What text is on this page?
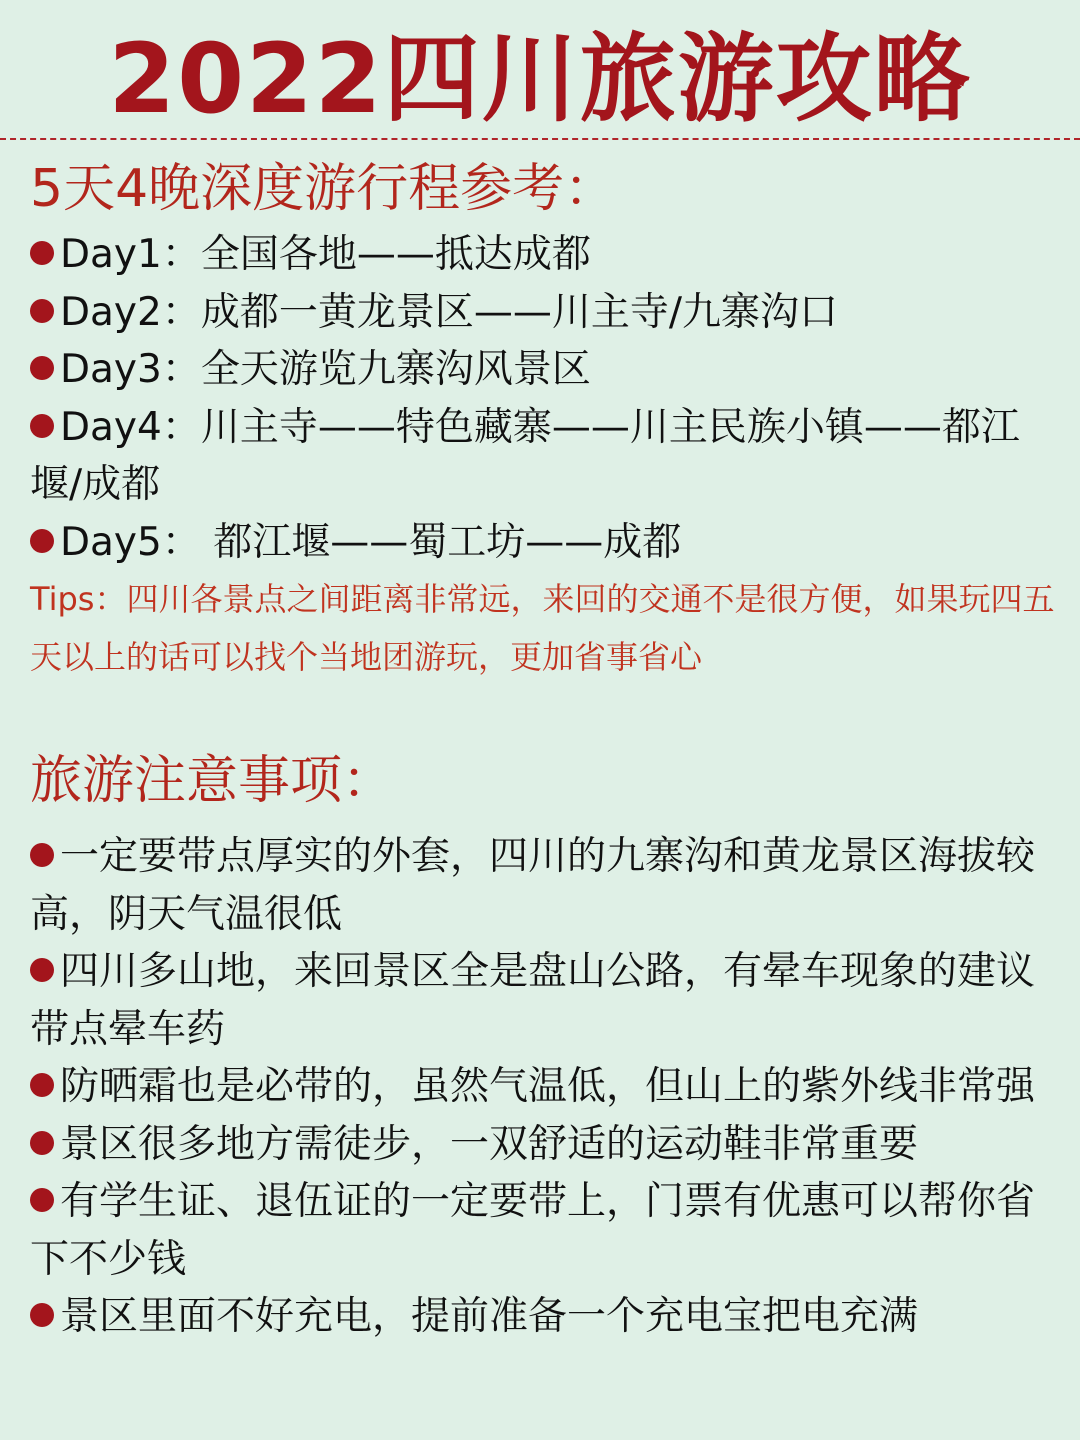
2022四川旅游攻略
5天4晚深度游行程参考：
Day1：全国各地——抵达成都
Day2：成都一黄龙景区——川主寺/九寨沟口
Day3：全天游览九寨沟风景区
Day4：川主寺——特色藏寨——川主民族小镇——都江堰/成都
Day5： 都江堰——蜀工坊——成都
Tips：四川各景点之间距离非常远，来回的交通不是很方便，如果玩四五天以上的话可以找个当地团游玩，更加省事省心
旅游注意事项：
一定要带点厚实的外套，四川的九寨沟和黄龙景区海拔较高，阴天气温很低
四川多山地，来回景区全是盘山公路，有晕车现象的建议带点晕车药
防晒霜也是必带的，虽然气温低，但山上的紫外线非常强
景区很多地方需徒步，一双舒适的运动鞋非常重要
有学生证、退伍证的一定要带上，门票有优惠可以帮你省下不少钱
景区里面不好充电，提前准备一个充电宝把电充满
